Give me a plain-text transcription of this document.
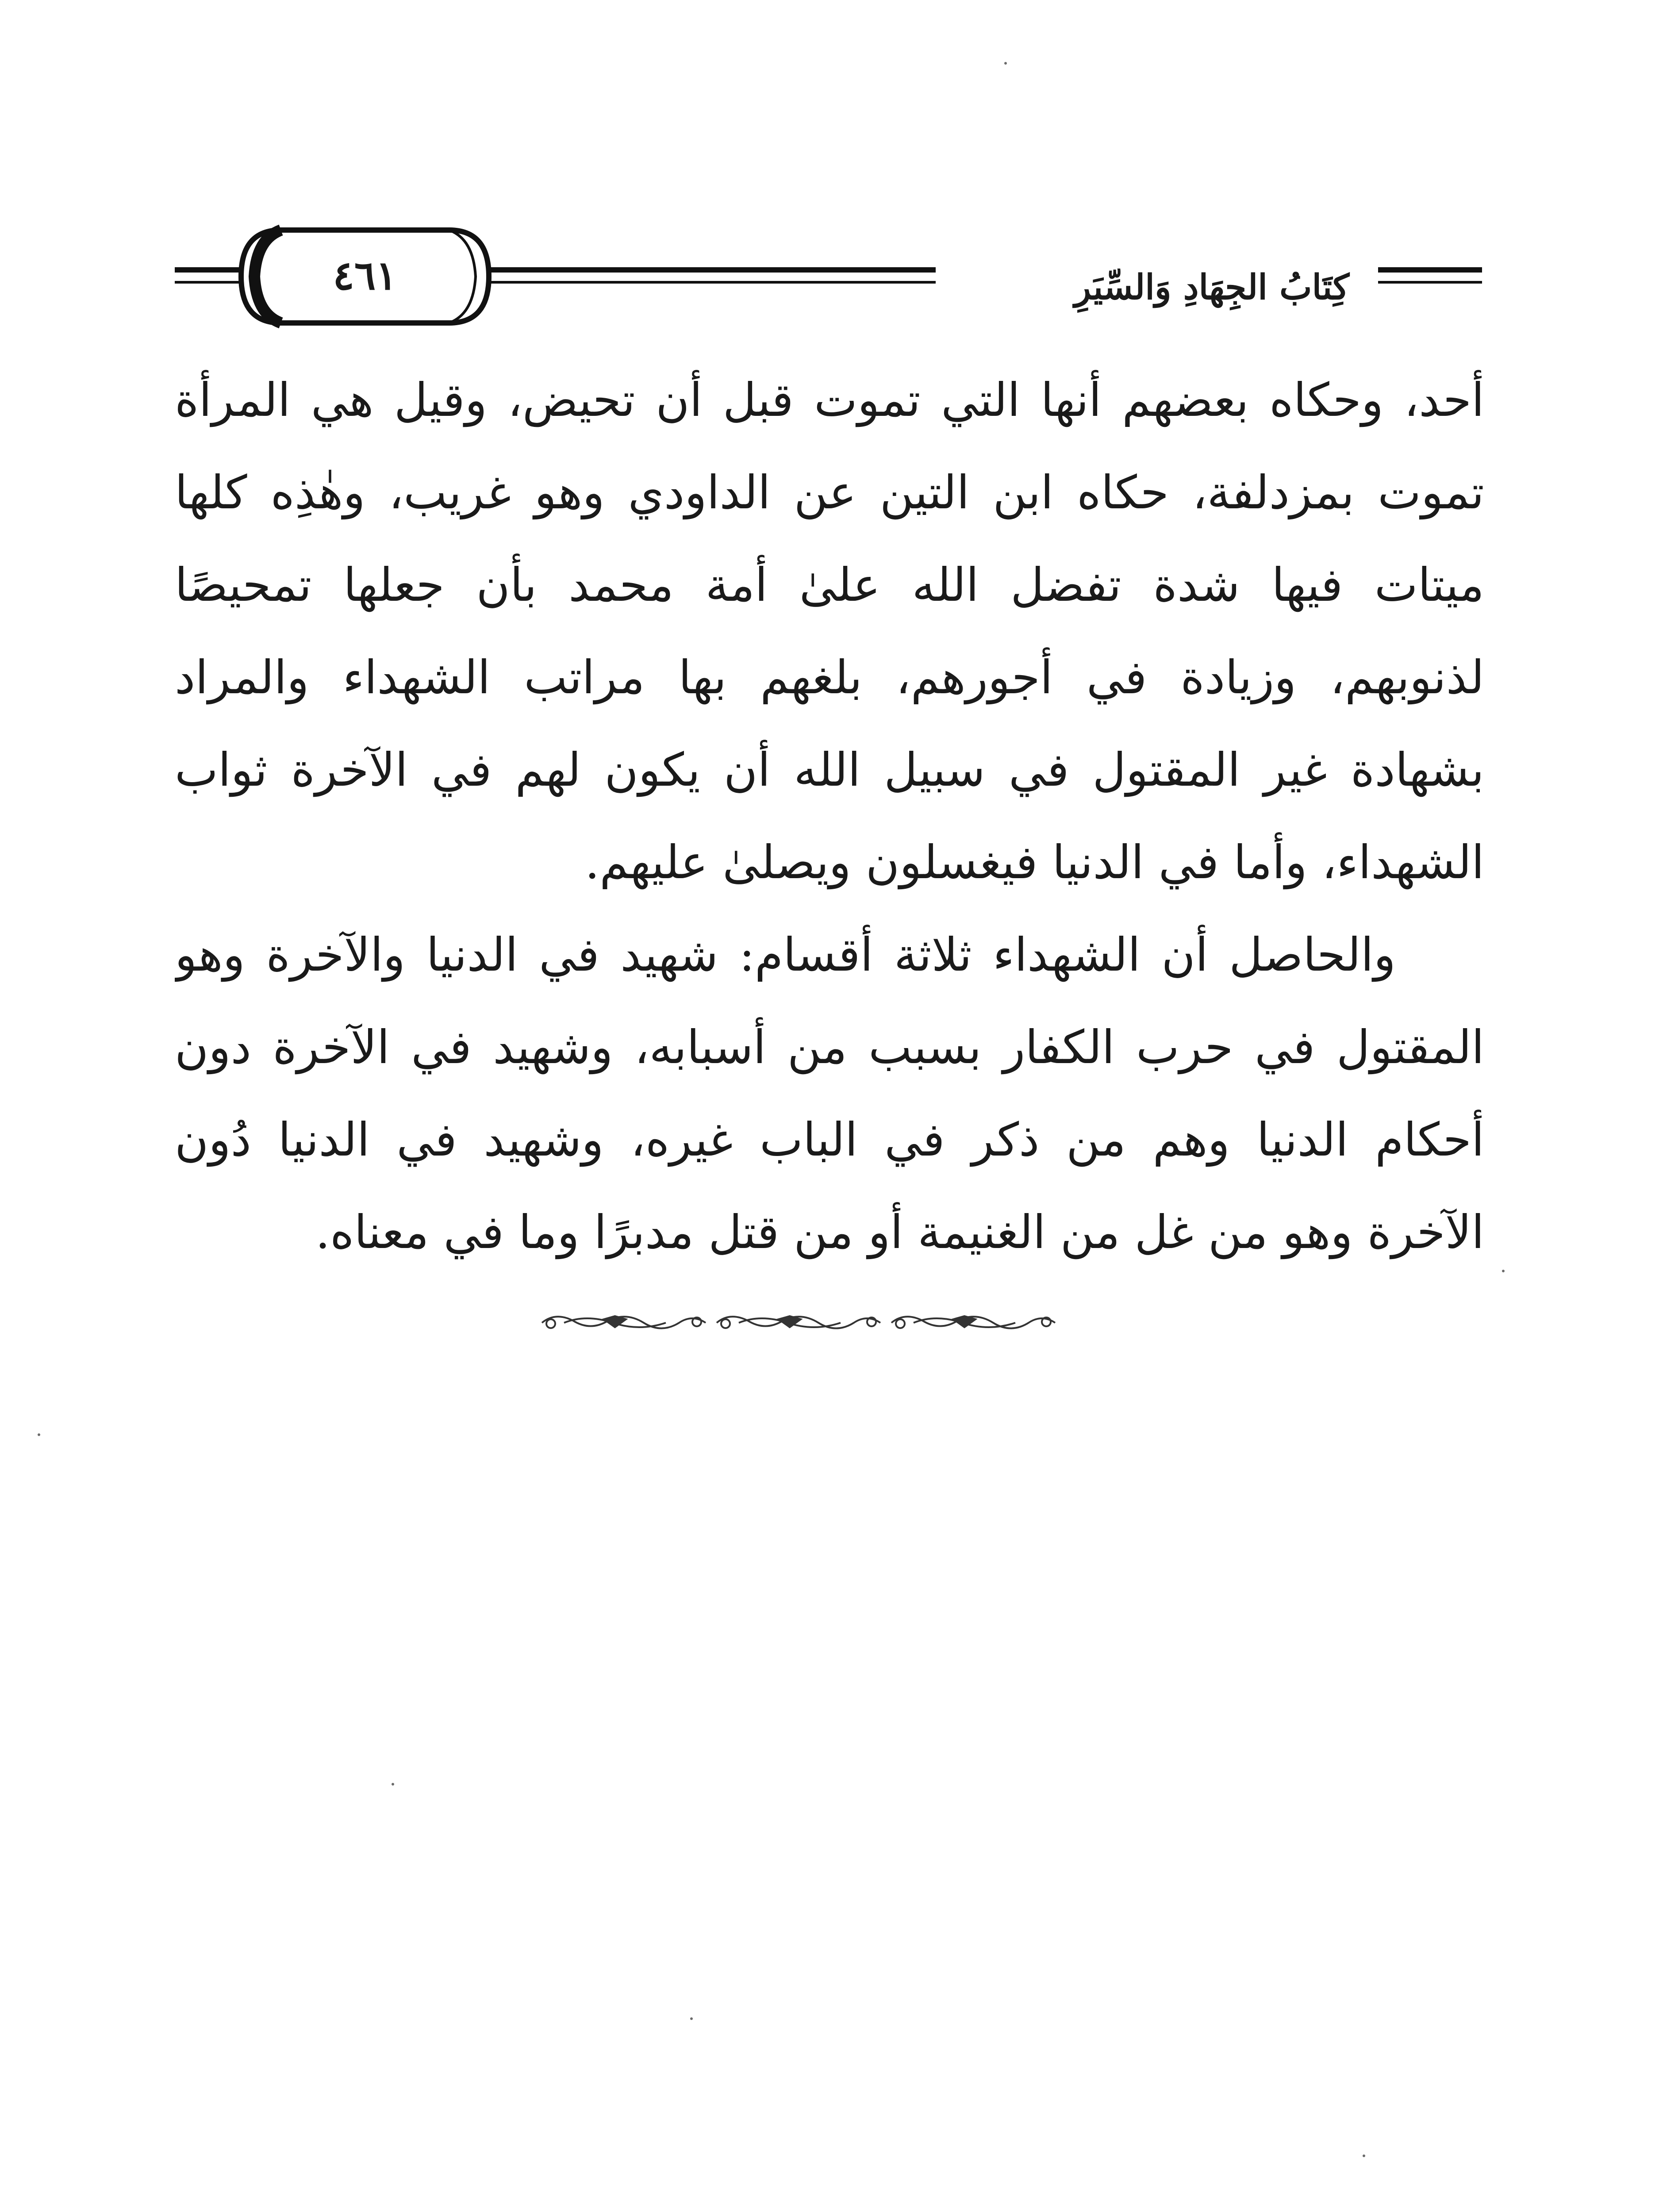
كِتَابُ الجِهَادِ وَالسِّيَرِ
٤٦١
أحد، وحكاه بعضهم أنها التي تموت قبل أن تحيض، وقيل هي المرأة
تموت بمزدلفة، حكاه ابن التين عن الداودي وهو غريب، وهٰذِه كلها
ميتات فيها شدة تفضل الله علىٰ أمة محمد بأن جعلها تمحيصًا
لذنوبهم، وزيادة في أجورهم، بلغهم بها مراتب الشهداء والمراد
بشهادة غير المقتول في سبيل الله أن يكون لهم في الآخرة ثواب
الشهداء، وأما في الدنيا فيغسلون ويصلىٰ عليهم.
والحاصل أن الشهداء ثلاثة أقسام: شهيد في الدنيا والآخرة وهو
المقتول في حرب الكفار بسبب من أسبابه، وشهيد في الآخرة دون
أحكام الدنيا وهم من ذكر في الباب غيره، وشهيد في الدنيا دُون
الآخرة وهو من غل من الغنيمة أو من قتل مدبرًا وما في معناه.
